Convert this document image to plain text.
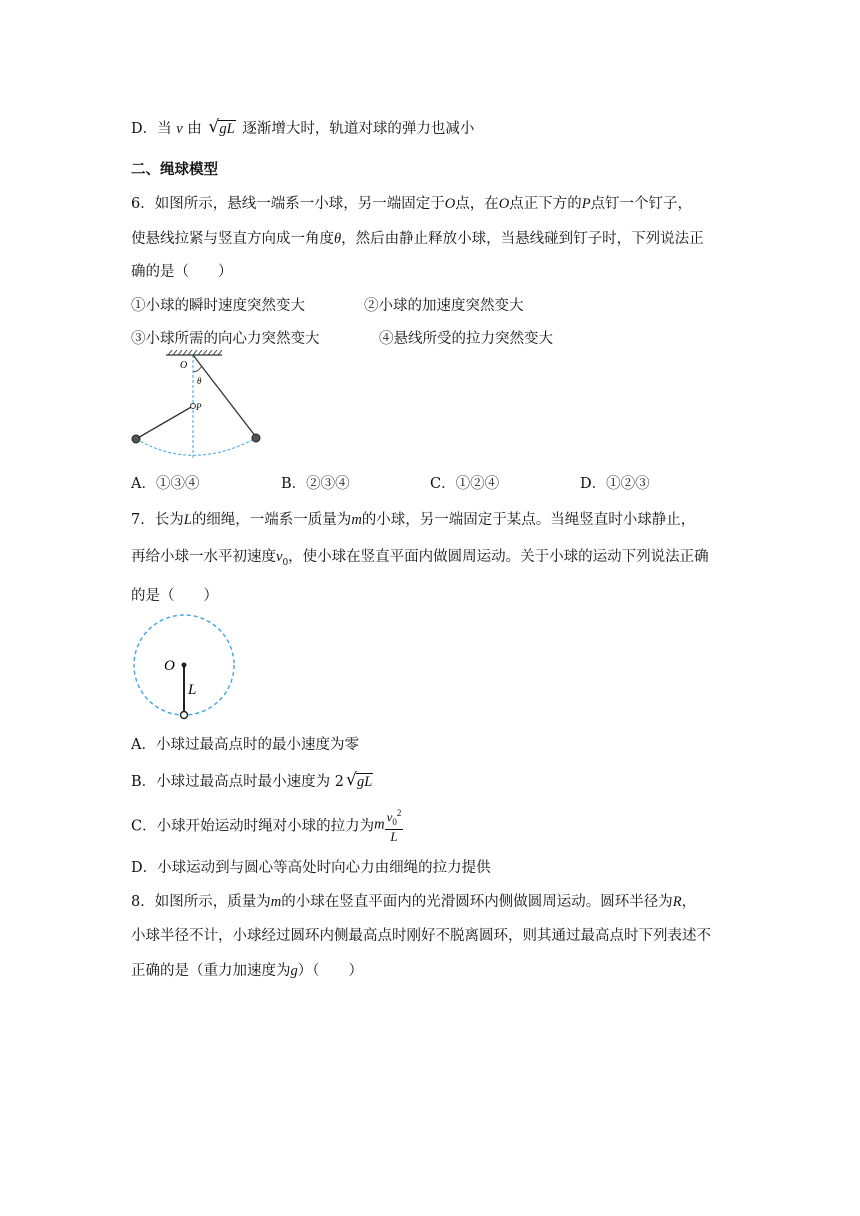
D．当 v 由 √ gL 逐渐增大时，轨道对球的弹力也减小
二、绳球模型
6．如图所示，悬线一端系一小球，另一端固定于O点，在O点正下方的P点钉一个钉子，
使悬线拉紧与竖直方向成一角度θ，然后由静止释放小球，当悬线碰到钉子时，下列说法正
确的是（　　）
①小球的瞬时速度突然变大	②小球的加速度突然变大
③小球所需的向心力突然变大	④悬线所受的拉力突然变大
O
θ
P
A．①③④	B．②③④	C．①②④	D．①②③
7．长为L的细绳，一端系一质量为m的小球，另一端固定于某点。当绳竖直时小球静止，
再给小球一水平初速度$v_0$，使小球在竖直平面内做圆周运动。关于小球的运动下列说法正确
的是（　　）
O
L
A．小球过最高点时的最小速度为零
B．小球过最高点时最小速度为 2 √ gL
C．小球开始运动时绳对小球的拉力为m $\frac{v_0^2}{L}$
D．小球运动到与圆心等高处时向心力由细绳的拉力提供
8．如图所示，质量为m的小球在竖直平面内的光滑圆环内侧做圆周运动。圆环半径为R，
小球半径不计，小球经过圆环内侧最高点时刚好不脱离圆环，则其通过最高点时下列表述不
正确的是（重力加速度为g）（　　）
